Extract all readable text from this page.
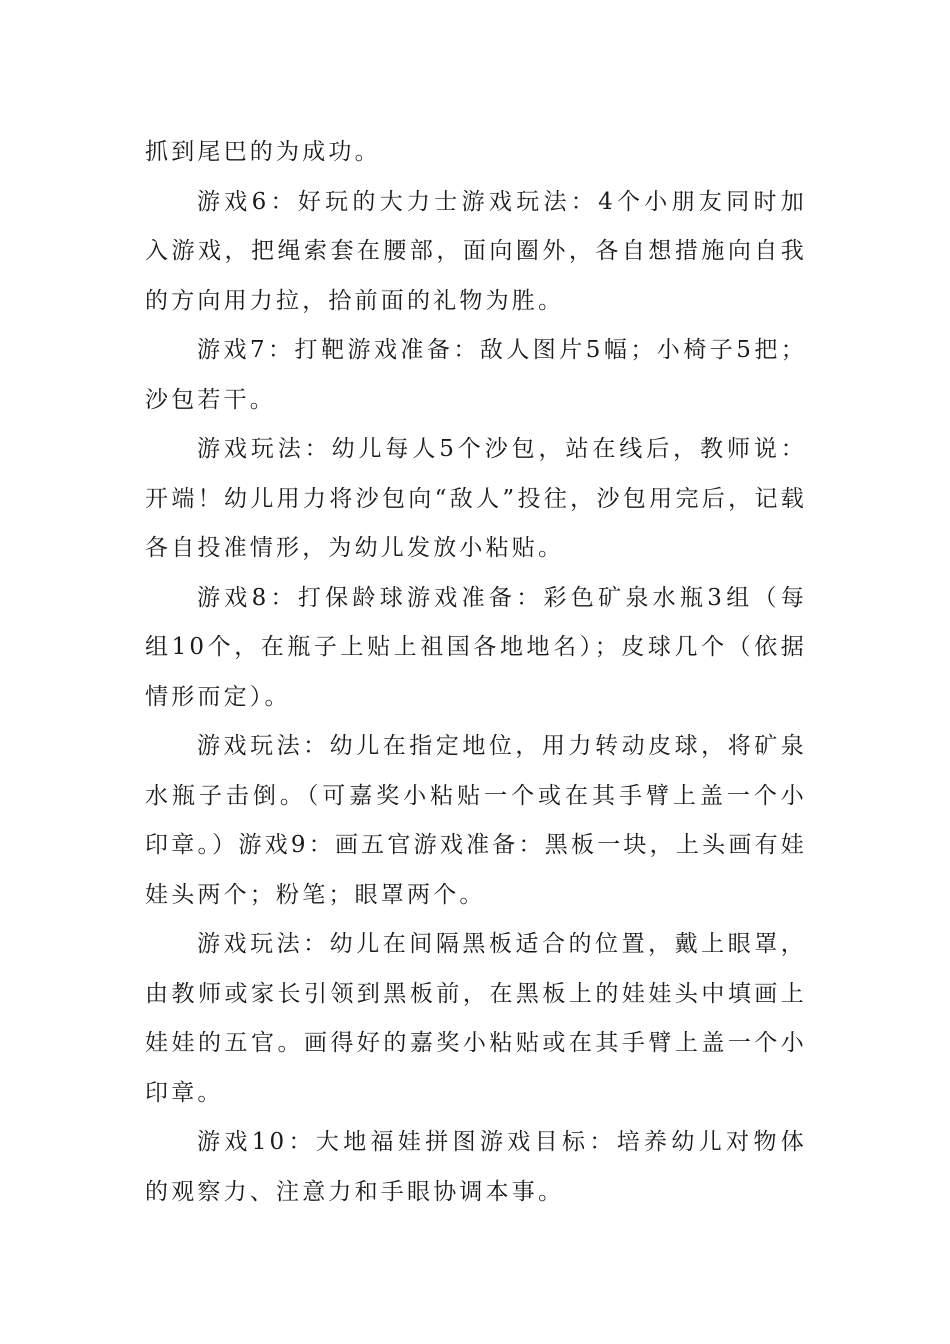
抓到尾巴的为成功。

游戏6：好玩的大力士游戏玩法：4个小朋友同时加入游戏，把绳索套在腰部，面向圈外，各自想措施向自我的方向用力拉，拾前面的礼物为胜。

游戏7：打靶游戏准备：敌人图片5幅；小椅子5把；沙包若干。

游戏玩法：幼儿每人5个沙包，站在线后，教师说：开端！幼儿用力将沙包向“敌人”投往，沙包用完后，记载各自投准情形，为幼儿发放小粘贴。

游戏8：打保龄球游戏准备：彩色矿泉水瓶3组（每组10个，在瓶子上贴上祖国各地地名）；皮球几个（依据情形而定）。

游戏玩法：幼儿在指定地位，用力转动皮球，将矿泉水瓶子击倒。（可嘉奖小粘贴一个或在其手臂上盖一个小印章。）游戏9：画五官游戏准备：黑板一块，上头画有娃娃头两个；粉笔；眼罩两个。

游戏玩法：幼儿在间隔黑板适合的位置，戴上眼罩，由教师或家长引领到黑板前，在黑板上的娃娃头中填画上娃娃的五官。画得好的嘉奖小粘贴或在其手臂上盖一个小印章。

游戏10：大地福娃拼图游戏目标：培养幼儿对物体的观察力、注意力和手眼协调本事。
